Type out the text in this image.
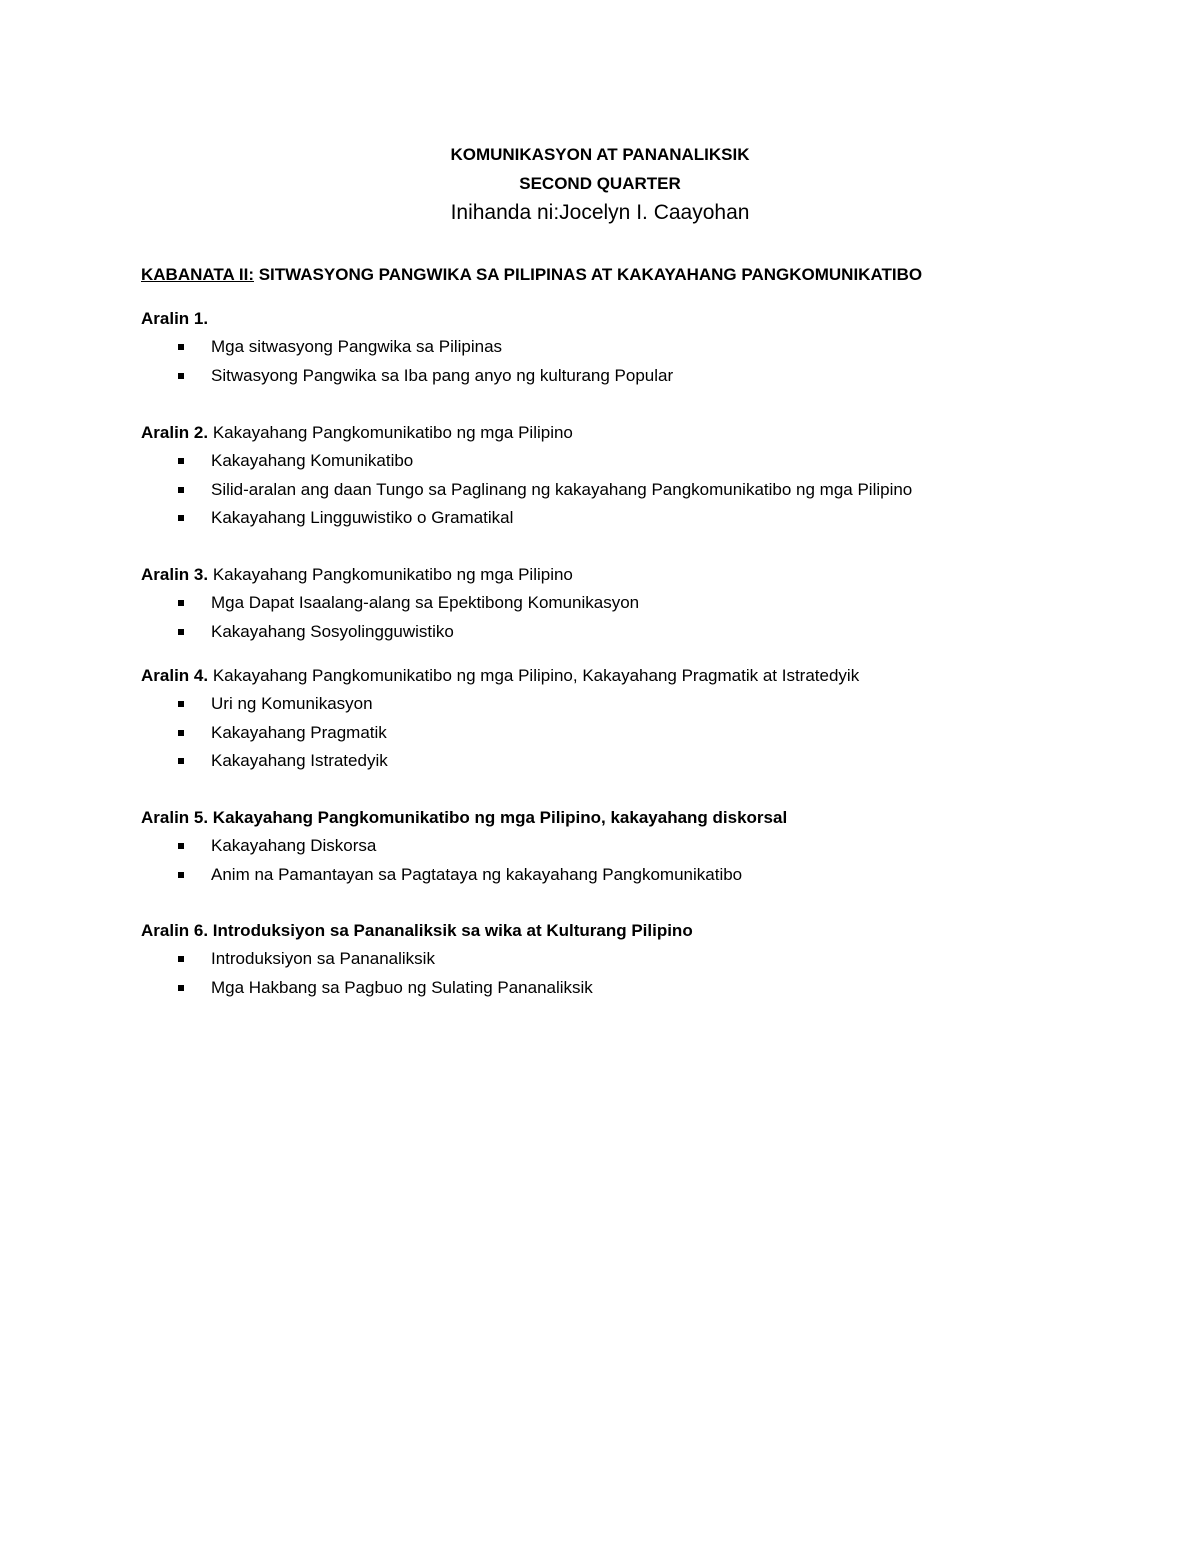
KOMUNIKASYON AT PANANALIKSIK
SECOND QUARTER
Inihanda ni:Jocelyn I. Caayohan
KABANATA II: SITWASYONG PANGWIKA SA PILIPINAS AT KAKAYAHANG PANGKOMUNIKATIBO
Aralin 1.
Mga sitwasyong Pangwika sa Pilipinas
Sitwasyong Pangwika sa Iba pang anyo ng kulturang Popular
Aralin 2. Kakayahang Pangkomunikatibo ng mga Pilipino
Kakayahang Komunikatibo
Silid-aralan ang daan Tungo sa Paglinang ng kakayahang Pangkomunikatibo ng mga Pilipino
Kakayahang Lingguwistiko o Gramatikal
Aralin 3. Kakayahang Pangkomunikatibo ng mga Pilipino
Mga Dapat Isaalang-alang sa Epektibong Komunikasyon
Kakayahang Sosyolingguwistiko
Aralin 4. Kakayahang Pangkomunikatibo ng mga Pilipino, Kakayahang Pragmatik at Istratedyik
Uri ng Komunikasyon
Kakayahang Pragmatik
Kakayahang Istratedyik
Aralin 5. Kakayahang Pangkomunikatibo ng mga Pilipino, kakayahang diskorsal
Kakayahang Diskorsa
Anim na Pamantayan sa Pagtataya ng kakayahang Pangkomunikatibo
Aralin 6. Introduksiyon sa Pananaliksik sa wika at Kulturang Pilipino
Introduksiyon sa Pananaliksik
Mga Hakbang sa Pagbuo ng Sulating Pananaliksik
